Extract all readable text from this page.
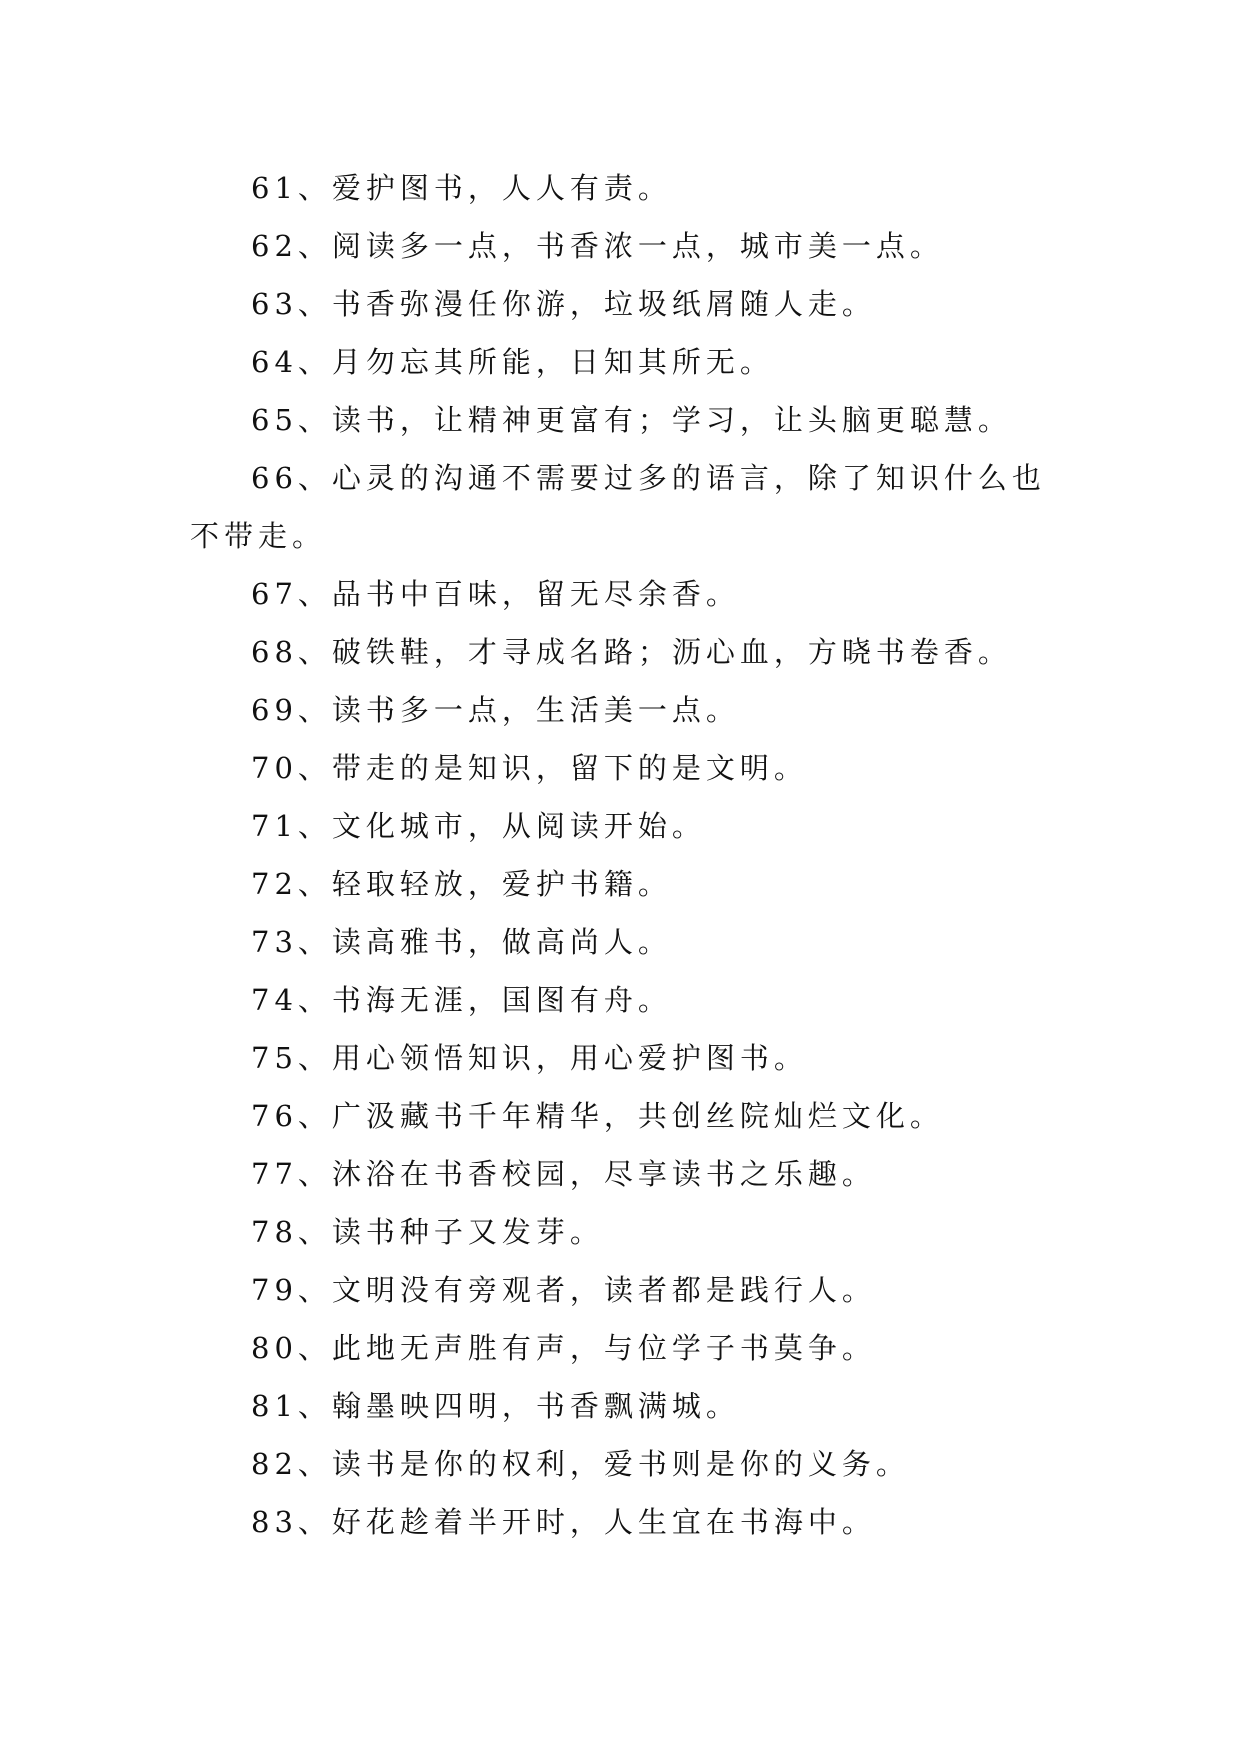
61、爱护图书，人人有责。

62、阅读多一点，书香浓一点，城市美一点。

63、书香弥漫任你游，垃圾纸屑随人走。

64、月勿忘其所能，日知其所无。

65、读书，让精神更富有；学习，让头脑更聪慧。

66、心灵的沟通不需要过多的语言，除了知识什么也不带走。

67、品书中百味，留无尽余香。

68、破铁鞋，才寻成名路；沥心血，方晓书卷香。

69、读书多一点，生活美一点。

70、带走的是知识，留下的是文明。

71、文化城市，从阅读开始。

72、轻取轻放，爱护书籍。

73、读高雅书，做高尚人。

74、书海无涯，国图有舟。

75、用心领悟知识，用心爱护图书。

76、广汲藏书千年精华，共创丝院灿烂文化。

77、沐浴在书香校园，尽享读书之乐趣。

78、读书种子又发芽。

79、文明没有旁观者，读者都是践行人。

80、此地无声胜有声，与位学子书莫争。

81、翰墨映四明，书香飘满城。

82、读书是你的权利，爱书则是你的义务。

83、好花趁着半开时，人生宜在书海中。
